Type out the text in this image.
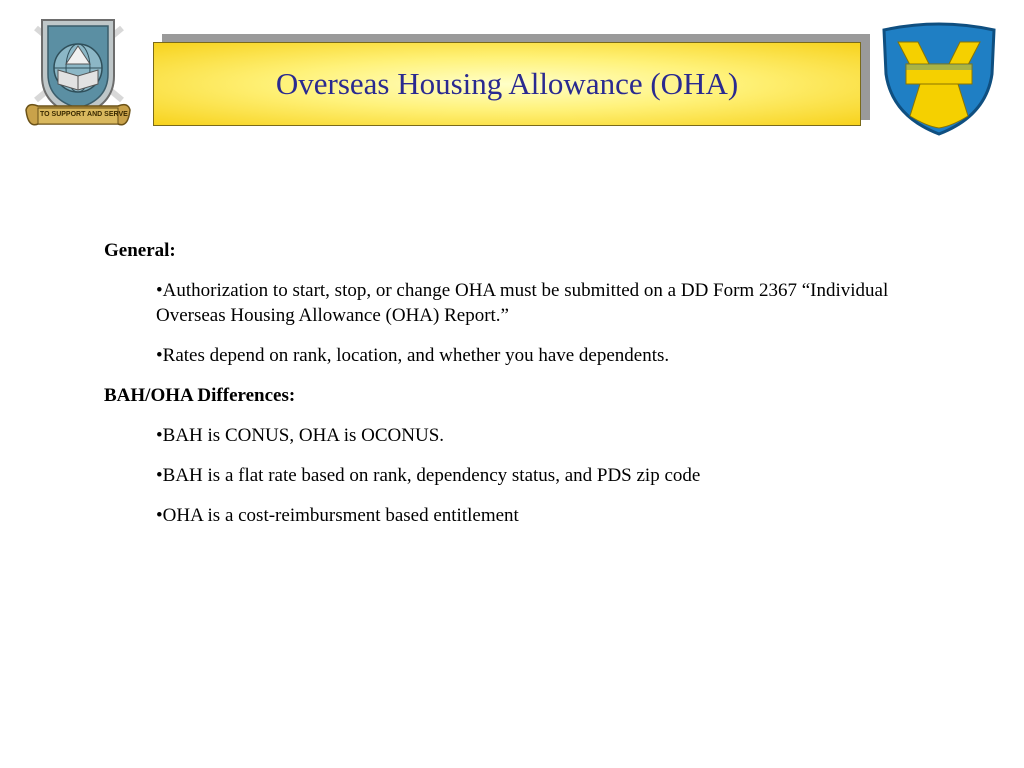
TO SUPPORT AND SERVE
Overseas Housing Allowance (OHA)
General:
•Authorization to start, stop, or change OHA must be submitted on a DD Form 2367 “Individual Overseas Housing Allowance (OHA) Report.”
•Rates depend on rank, location, and whether you have dependents.
BAH/OHA Differences:
•BAH is CONUS, OHA is OCONUS.
•BAH is a flat rate based on rank, dependency status, and PDS zip code
•OHA is a cost-reimbursment based entitlement
